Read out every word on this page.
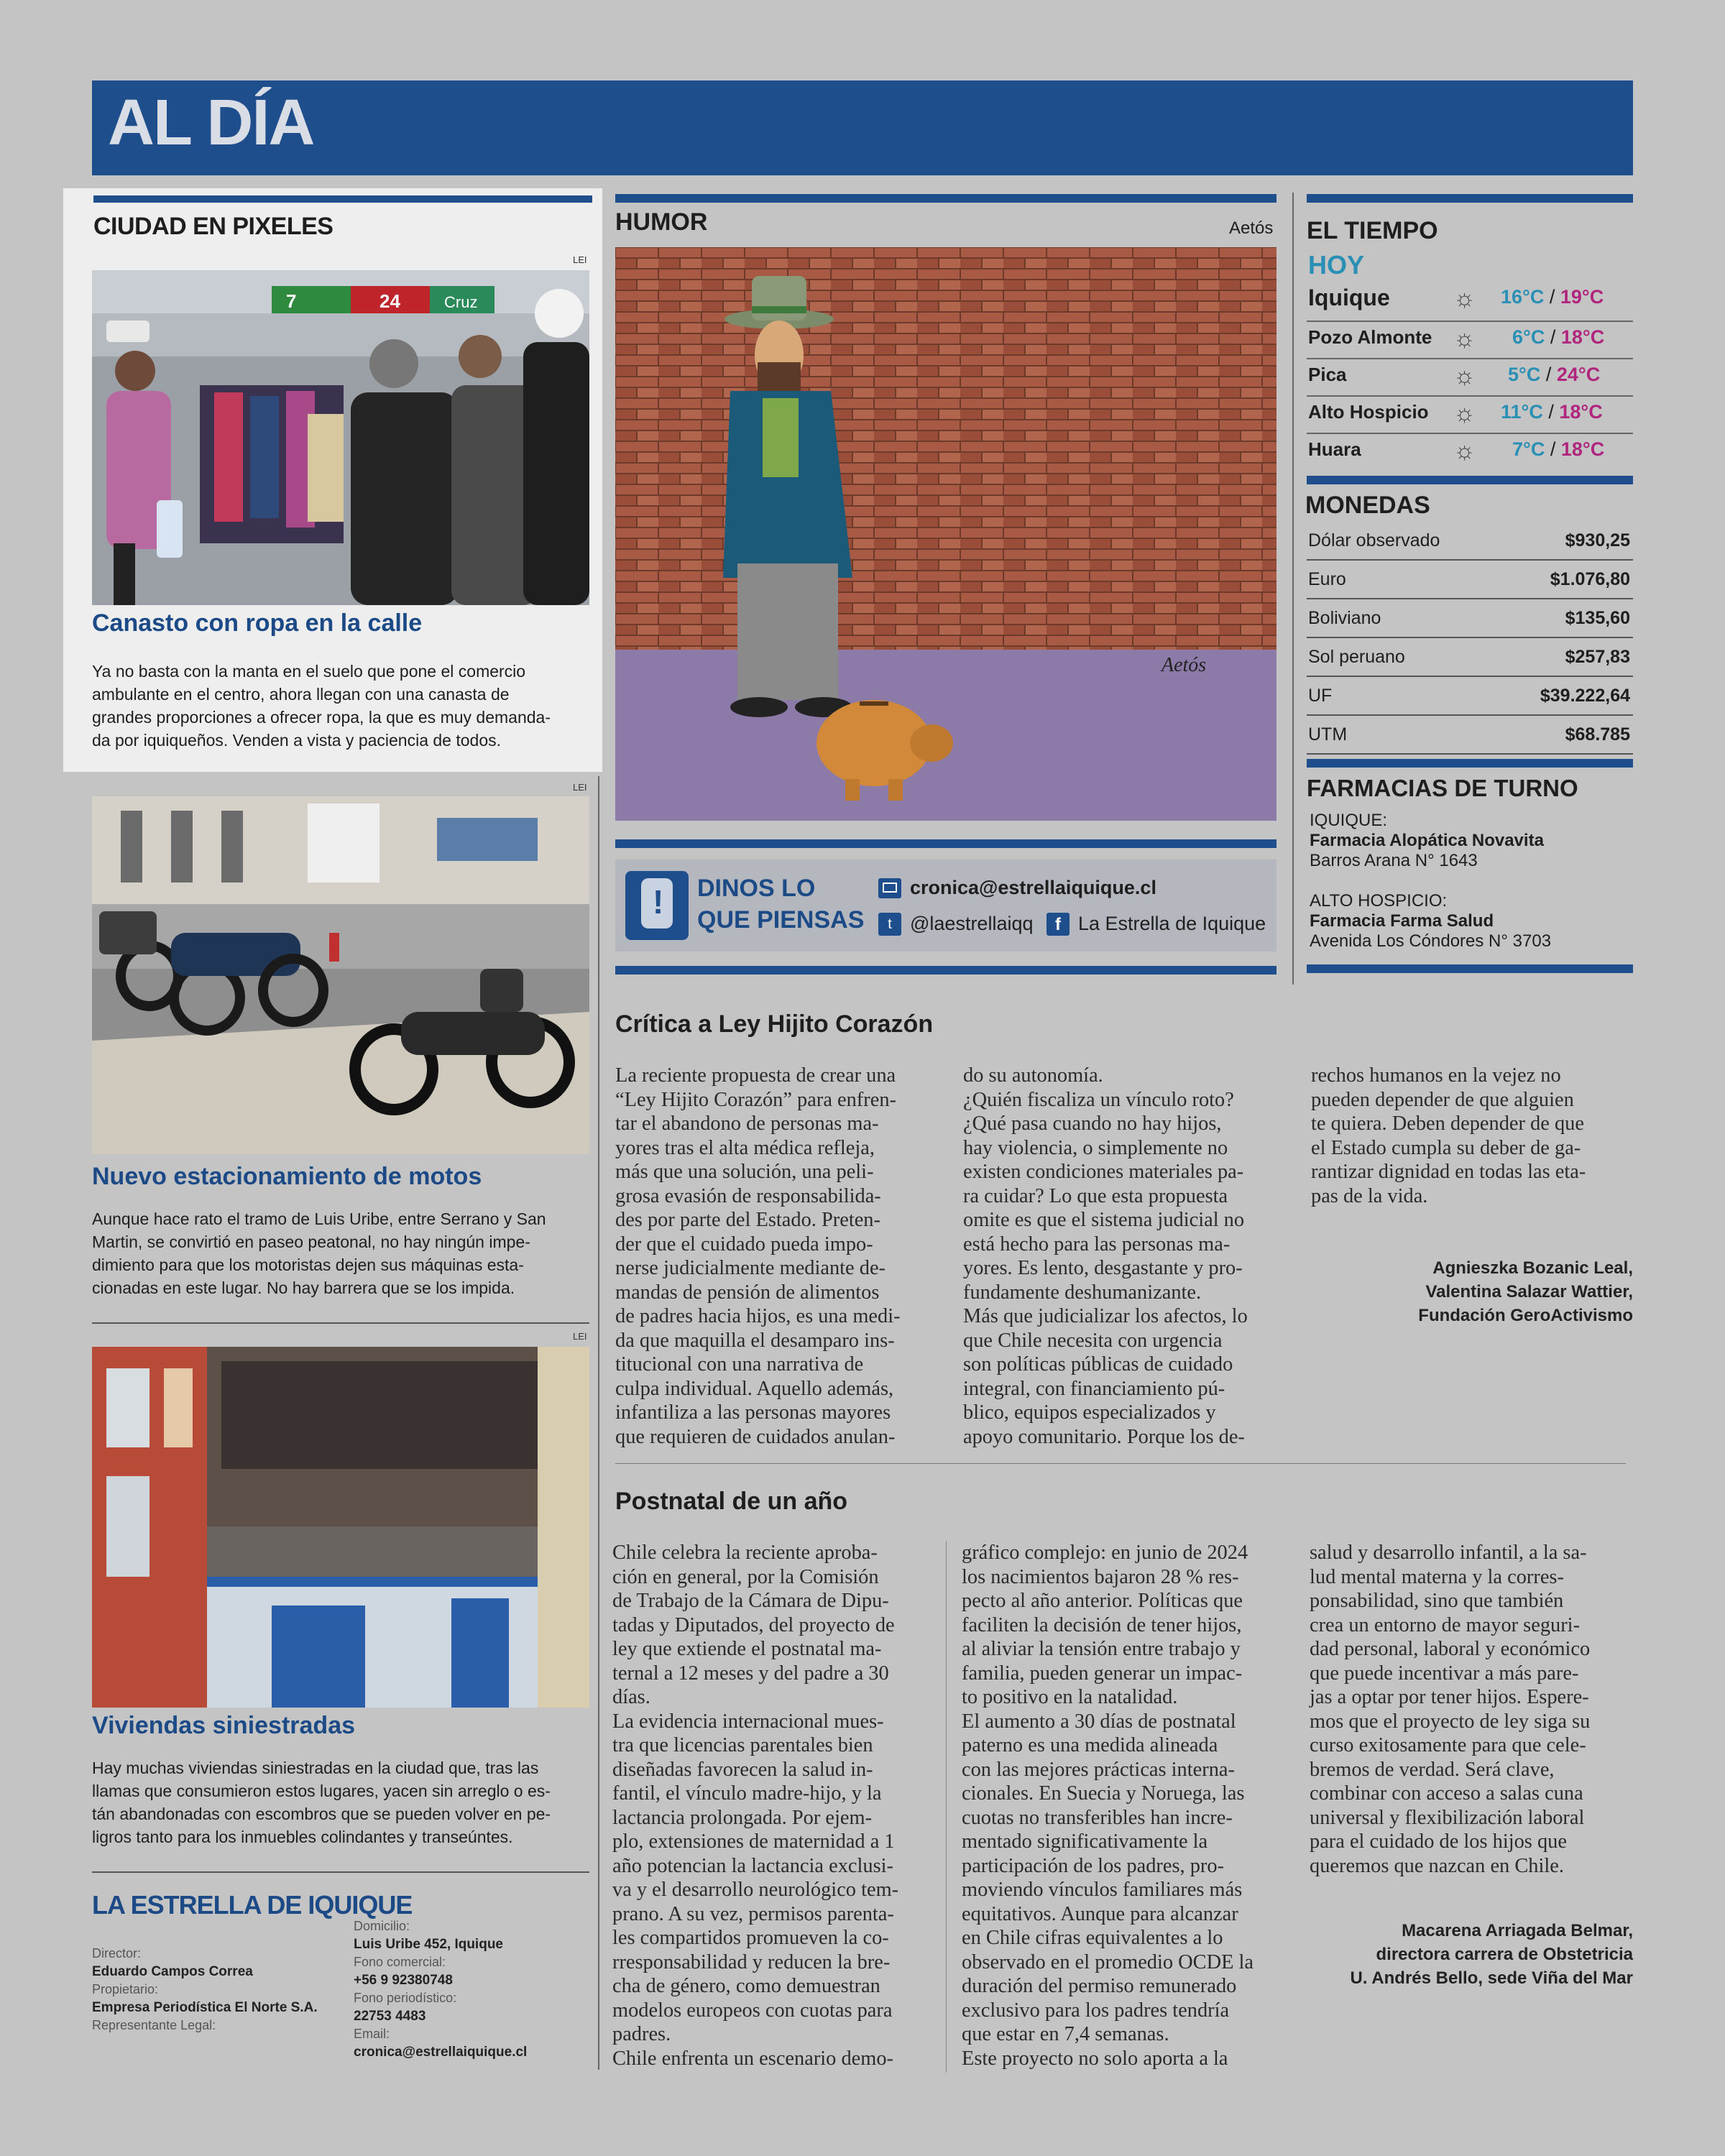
AL DÍA
CIUDAD EN PIXELES
LEI
7	24	Cruz
Canasto con ropa en la calle
Ya no basta con la manta en el suelo que pone el comercio
ambulante en el centro, ahora llegan con una canasta de
grandes proporciones a ofrecer ropa, la que es muy demanda-
da por iquiqueños. Venden a vista y paciencia de todos.
LEI
Nuevo estacionamiento de motos
Aunque hace rato el tramo de Luis Uribe, entre Serrano y San
Martin, se convirtió en paseo peatonal, no hay ningún impe-
dimiento para que los motoristas dejen sus máquinas esta-
cionadas en este lugar. No hay barrera que se los impida.
LEI
Viviendas siniestradas
Hay muchas viviendas siniestradas en la ciudad que, tras las
llamas que consumieron estos lugares, yacen sin arreglo o es-
tán abandonadas con escombros que se pueden volver en pe-
ligros tanto para los inmuebles colindantes y transeúntes.
LA ESTRELLA DE IQUIQUE
Director:
Eduardo Campos Correa
Propietario:
Empresa Periodística El Norte S.A.
Representante Legal:
Domicilio:
Luis Uribe 452, Iquique
Fono comercial:
+56 9 92380748
Fono periodístico:
22753 4483
Email:
cronica@estrellaiquique.cl
HUMOR	Aetós
Aetós
! DINOS LO
QUE PIENSAS
cronica@estrellaiquique.cl
t @laestrellaiqq	f La Estrella de Iquique
EL TIEMPO
HOY
Iquique	☼ 16°C / 19°C
Pozo Almonte ☼ 6°C / 18°C
Pica	☼ 5°C / 24°C
Alto Hospicio ☼ 11°C / 18°C
Huara	☼ 7°C / 18°C
MONEDAS
Dólar observado	$930,25
Euro	$1.076,80
Boliviano	$135,60
Sol peruano	$257,83
UF	$39.222,64
UTM	$68.785
FARMACIAS DE TURNO
IQUIQUE:
Farmacia Alopática Novavita
Barros Arana N° 1643
ALTO HOSPICIO:
Farmacia Farma Salud
Avenida Los Cóndores N° 3703
Crítica a Ley Hijito Corazón
La reciente propuesta de crear una
“Ley Hijito Corazón” para enfren-
tar el abandono de personas ma-
yores tras el alta médica refleja,
más que una solución, una peli-
grosa evasión de responsabilida-
des por parte del Estado. Preten-
der que el cuidado pueda impo-
nerse judicialmente mediante de-
mandas de pensión de alimentos
de padres hacia hijos, es una medi-
da que maquilla el desamparo ins-
titucional con una narrativa de
culpa individual. Aquello además,
infantiliza a las personas mayores
que requieren de cuidados anulan-
do su autonomía.
¿Quién fiscaliza un vínculo roto?
¿Qué pasa cuando no hay hijos,
hay violencia, o simplemente no
existen condiciones materiales pa-
ra cuidar? Lo que esta propuesta
omite es que el sistema judicial no
está hecho para las personas ma-
yores. Es lento, desgastante y pro-
fundamente deshumanizante.
Más que judicializar los afectos, lo
que Chile necesita con urgencia
son políticas públicas de cuidado
integral, con financiamiento pú-
blico, equipos especializados y
apoyo comunitario. Porque los de-
rechos humanos en la vejez no
pueden depender de que alguien
te quiera. Deben depender de que
el Estado cumpla su deber de ga-
rantizar dignidad en todas las eta-
pas de la vida.
Agnieszka Bozanic Leal,
Valentina Salazar Wattier,
Fundación GeroActivismo
Postnatal de un año
Chile celebra la reciente aproba-
ción en general, por la Comisión
de Trabajo de la Cámara de Dipu-
tadas y Diputados, del proyecto de
ley que extiende el postnatal ma-
ternal a 12 meses y del padre a 30
días.
La evidencia internacional mues-
tra que licencias parentales bien
diseñadas favorecen la salud in-
fantil, el vínculo madre-hijo, y la
lactancia prolongada. Por ejem-
plo, extensiones de maternidad a 1
año potencian la lactancia exclusi-
va y el desarrollo neurológico tem-
prano. A su vez, permisos parenta-
les compartidos promueven la co-
rresponsabilidad y reducen la bre-
cha de género, como demuestran
modelos europeos con cuotas para
padres.
Chile enfrenta un escenario demo-
gráfico complejo: en junio de 2024
los nacimientos bajaron 28 % res-
pecto al año anterior. Políticas que
faciliten la decisión de tener hijos,
al aliviar la tensión entre trabajo y
familia, pueden generar un impac-
to positivo en la natalidad.
El aumento a 30 días de postnatal
paterno es una medida alineada
con las mejores prácticas interna-
cionales. En Suecia y Noruega, las
cuotas no transferibles han incre-
mentado significativamente la
participación de los padres, pro-
moviendo vínculos familiares más
equitativos. Aunque para alcanzar
en Chile cifras equivalentes a lo
observado en el promedio OCDE la
duración del permiso remunerado
exclusivo para los padres tendría
que estar en 7,4 semanas.
Este proyecto no solo aporta a la
salud y desarrollo infantil, a la sa-
lud mental materna y la corres-
ponsabilidad, sino que también
crea un entorno de mayor seguri-
dad personal, laboral y económico
que puede incentivar a más pare-
jas a optar por tener hijos. Espere-
mos que el proyecto de ley siga su
curso exitosamente para que cele-
bremos de verdad. Será clave,
combinar con acceso a salas cuna
universal y flexibilización laboral
para el cuidado de los hijos que
queremos que nazcan en Chile.
Macarena Arriagada Belmar,
directora carrera de Obstetricia
U. Andrés Bello, sede Viña del Mar
